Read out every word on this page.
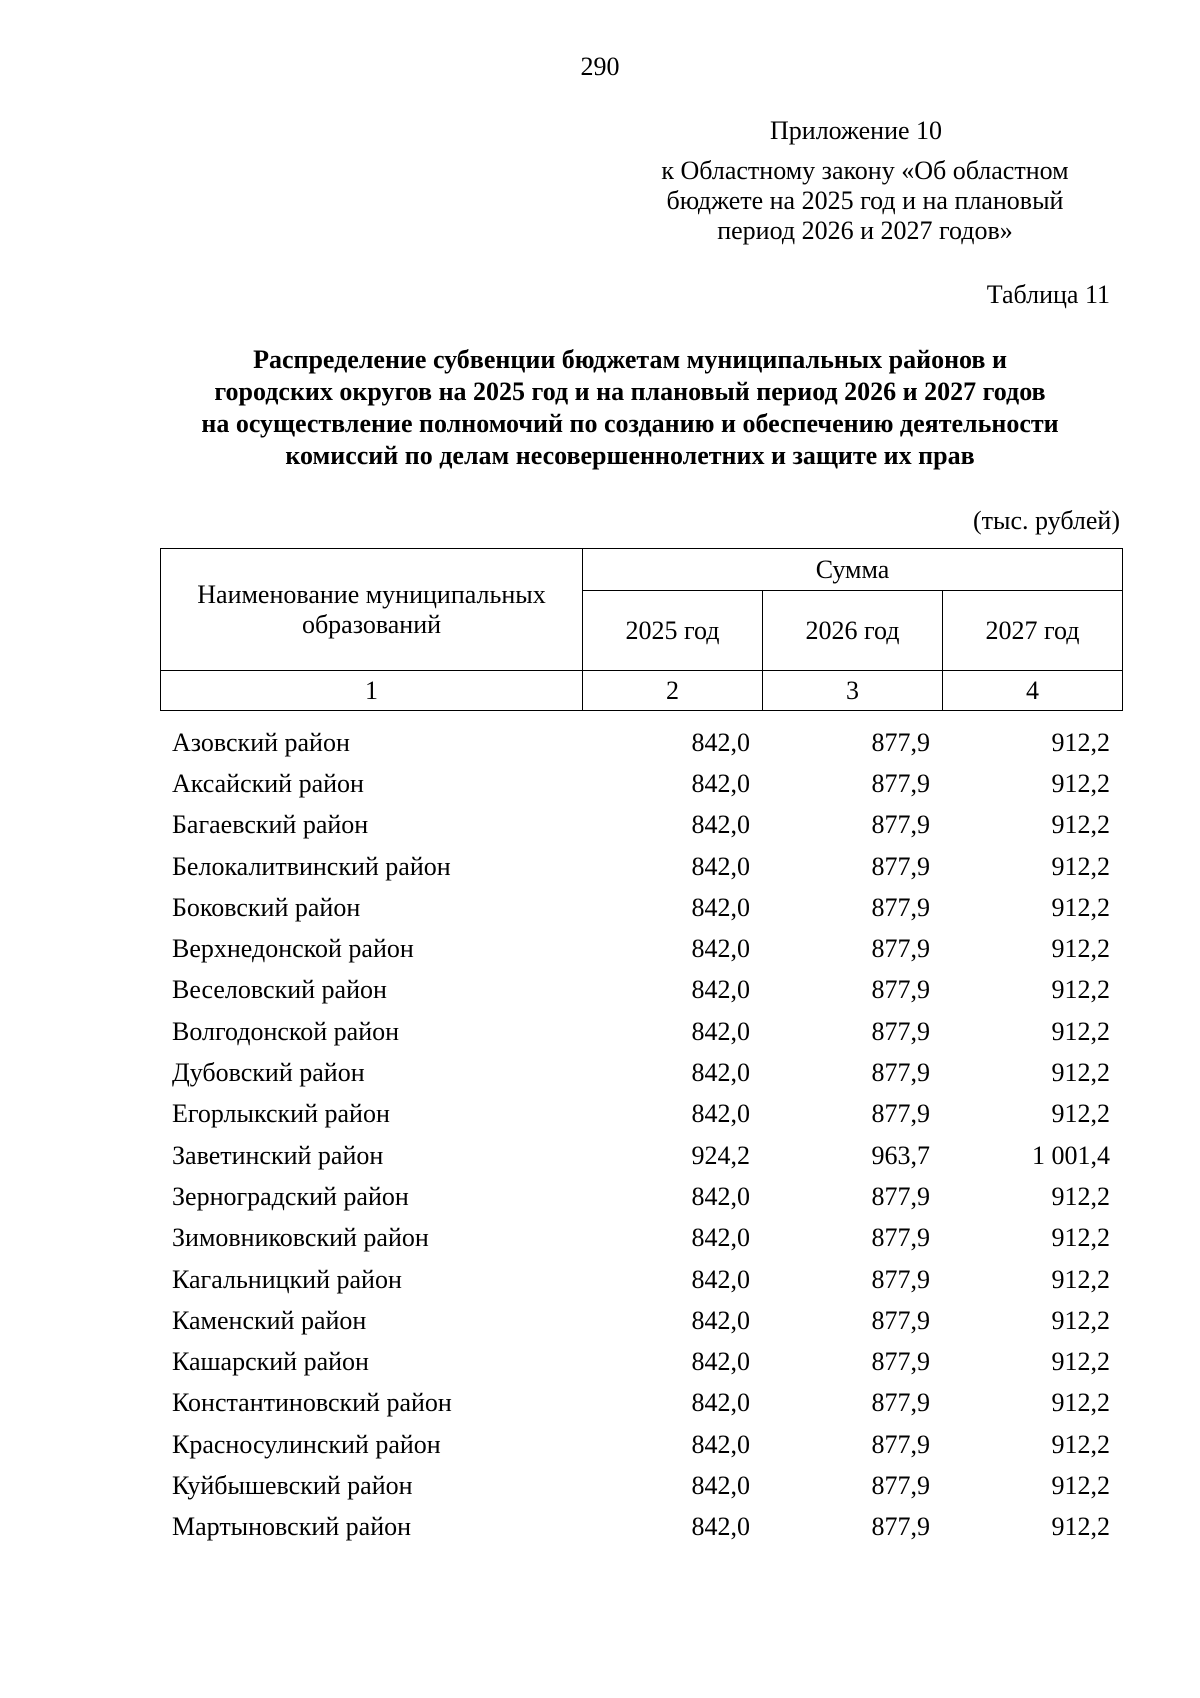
290
Приложение 10
к Областному закону «Об областном
бюджете на 2025 год и на плановый
период 2026 и 2027 годов»
Таблица 11
Распределение субвенции бюджетам муниципальных районов и
городских округов на 2025 год и на плановый период 2026 и 2027 годов
на осуществление полномочий по созданию и обеспечению деятельности
комиссий по делам несовершеннолетних и защите их прав
(тыс. рублей)
Наименование муниципальных образований	Сумма		
	2025 год	2026 год	2027 год
1	2	3	4
Азовский район	842,0	877,9	912,2
Аксайский район	842,0	877,9	912,2
Багаевский район	842,0	877,9	912,2
Белокалитвинский район	842,0	877,9	912,2
Боковский район	842,0	877,9	912,2
Верхнедонской район	842,0	877,9	912,2
Веселовский район	842,0	877,9	912,2
Волгодонской район	842,0	877,9	912,2
Дубовский район	842,0	877,9	912,2
Егорлыкский район	842,0	877,9	912,2
Заветинский район	924,2	963,7	1 001,4
Зерноградский район	842,0	877,9	912,2
Зимовниковский район	842,0	877,9	912,2
Кагальницкий район	842,0	877,9	912,2
Каменский район	842,0	877,9	912,2
Кашарский район	842,0	877,9	912,2
Константиновский район	842,0	877,9	912,2
Красносулинский район	842,0	877,9	912,2
Куйбышевский район	842,0	877,9	912,2
Мартыновский район	842,0	877,9	912,2
